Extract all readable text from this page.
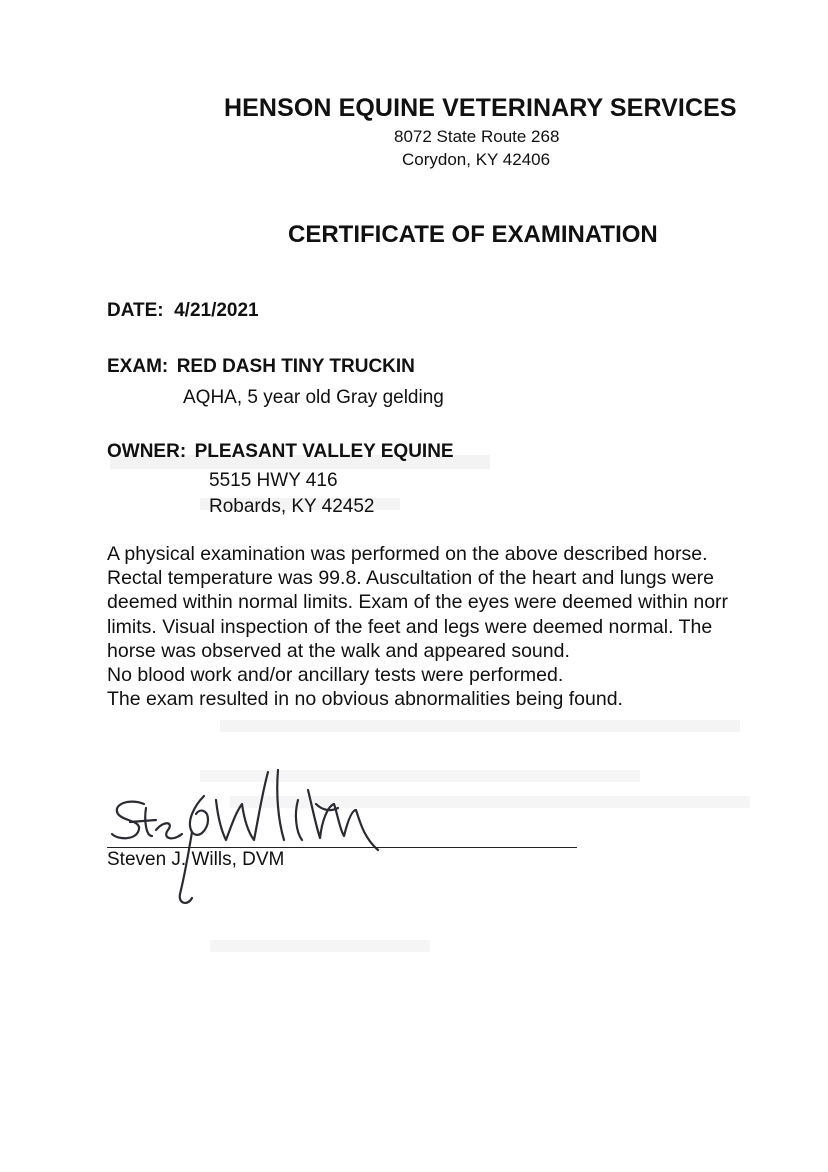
HENSON EQUINE VETERINARY SERVICES
8072 State Route 268
Corydon, KY 42406
CERTIFICATE OF EXAMINATION
DATE: 4/21/2021
EXAM: RED DASH TINY TRUCKIN
AQHA, 5 year old Gray gelding
OWNER: PLEASANT VALLEY EQUINE
5515 HWY 416
Robards, KY 42452
A physical examination was performed on the above described horse.
Rectal temperature was 99.8. Auscultation of the heart and lungs were
deemed within normal limits. Exam of the eyes were deemed within norr
limits. Visual inspection of the feet and legs were deemed normal. The
horse was observed at the walk and appeared sound.
No blood work and/or ancillary tests were performed.
The exam resulted in no obvious abnormalities being found.
Steven J. Wills, DVM
